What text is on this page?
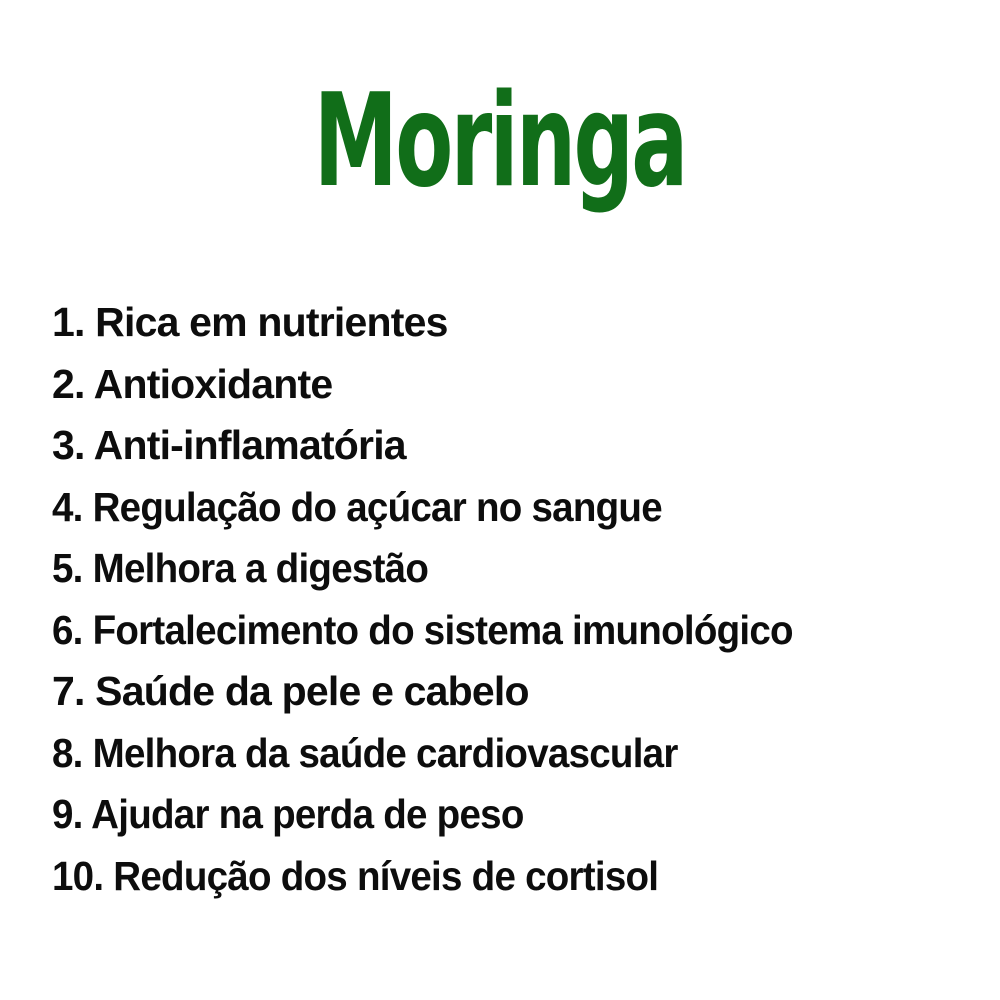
Moringa
1. Rica em nutrientes
2. Antioxidante
3. Anti-inflamatória
4. Regulação do açúcar no sangue
5. Melhora a digestão
6. Fortalecimento do sistema imunológico
7. Saúde da pele e cabelo
8. Melhora da saúde cardiovascular
9. Ajudar na perda de peso
10. Redução dos níveis de cortisol
